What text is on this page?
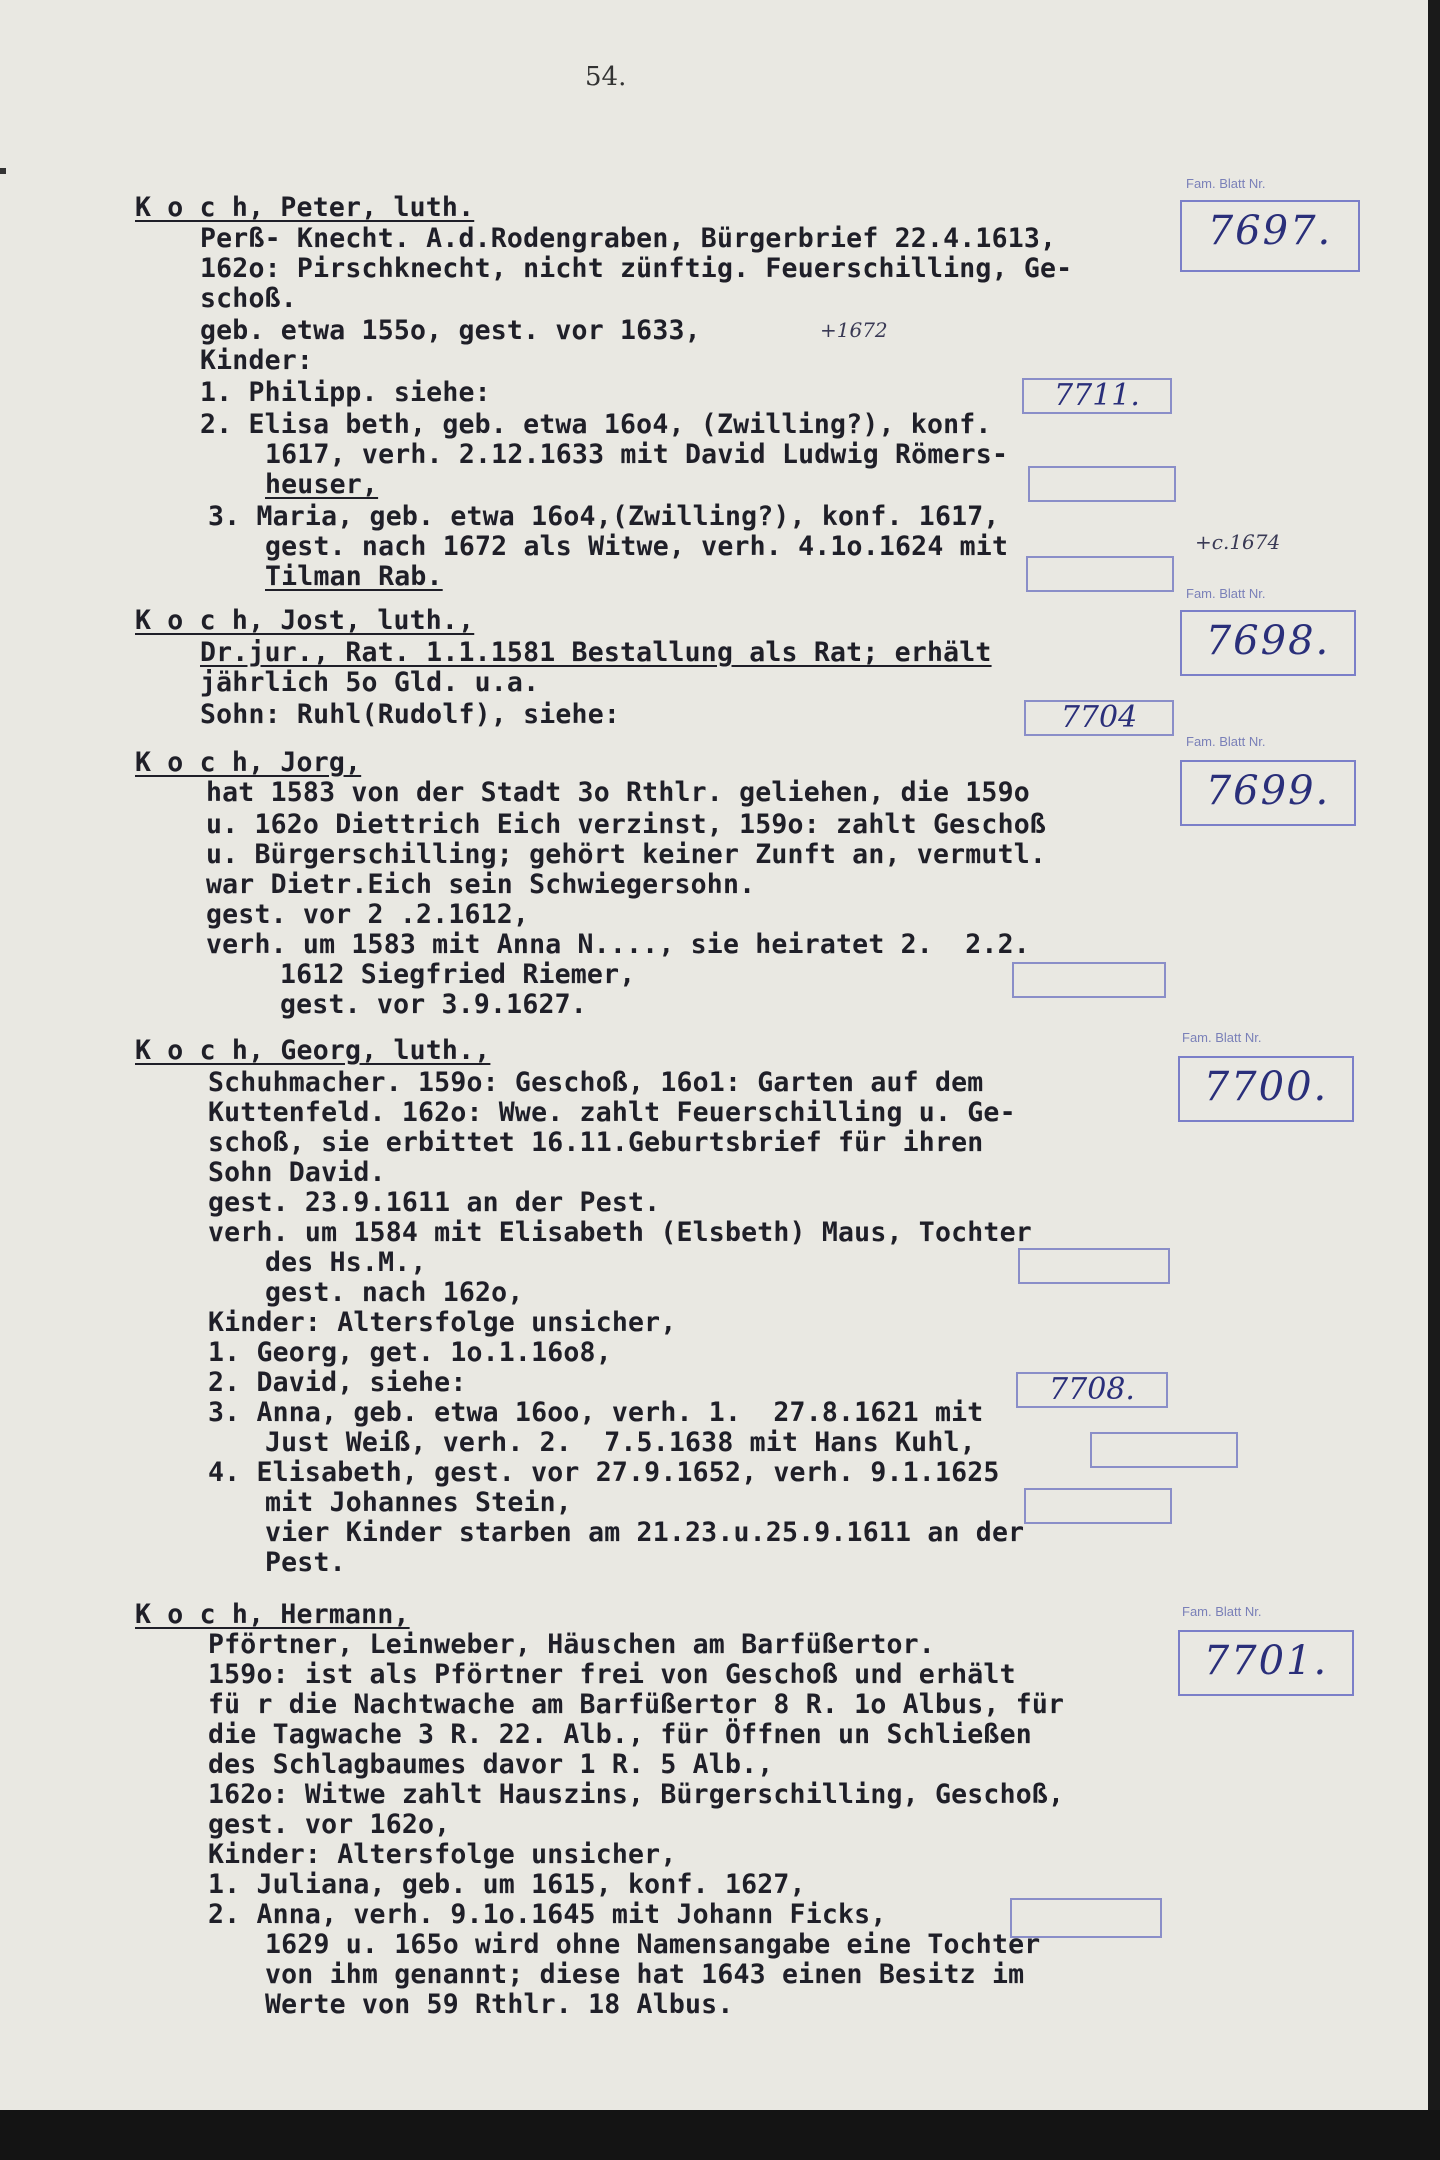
54.
K o c h, Peter, luth.
Perß- Knecht. A.d.Rodengraben, Bürgerbrief 22.4.1613,
162o: Pirschknecht, nicht zünftig. Feuerschilling, Ge-
schoß.
geb. etwa 155o, gest. vor 1633,
Kinder:
1. Philipp. siehe:
2. Elisa beth, geb. etwa 16o4, (Zwilling?), konf.
1617, verh. 2.12.1633 mit David Ludwig Römers-
heuser,
3. Maria, geb. etwa 16o4,(Zwilling?), konf. 1617,
gest. nach 1672 als Witwe, verh. 4.1o.1624 mit
Tilman Rab.
+1672
+c.1674
Fam. Blatt Nr.
7697.
7711.
K o c h, Jost, luth.,
Dr.jur., Rat. 1.1.1581 Bestallung als Rat; erhält
jährlich 5o Gld. u.a.
Sohn: Ruhl(Rudolf), siehe:
Fam. Blatt Nr.
7698.
7704
K o c h, Jorg,
hat 1583 von der Stadt 3o Rthlr. geliehen, die 159o
u. 162o Diettrich Eich verzinst, 159o: zahlt Geschoß
u. Bürgerschilling; gehört keiner Zunft an, vermutl.
war Dietr.Eich sein Schwiegersohn.
gest. vor 2 .2.1612,
verh. um 1583 mit Anna N...., sie heiratet 2.  2.2.
1612 Siegfried Riemer,
gest. vor 3.9.1627.
Fam. Blatt Nr.
7699.
K o c h, Georg, luth.,
Schuhmacher. 159o: Geschoß, 16o1: Garten auf dem
Kuttenfeld. 162o: Wwe. zahlt Feuerschilling u. Ge-
schoß, sie erbittet 16.11.Geburtsbrief für ihren
Sohn David.
gest. 23.9.1611 an der Pest.
verh. um 1584 mit Elisabeth (Elsbeth) Maus, Tochter
des Hs.M.,
gest. nach 162o,
Kinder: Altersfolge unsicher,
1. Georg, get. 1o.1.16o8,
2. David, siehe:
3. Anna, geb. etwa 16oo, verh. 1.  27.8.1621 mit
Just Weiß, verh. 2.  7.5.1638 mit Hans Kuhl,
4. Elisabeth, gest. vor 27.9.1652, verh. 9.1.1625
mit Johannes Stein,
vier Kinder starben am 21.23.u.25.9.1611 an der
Pest.
Fam. Blatt Nr.
7700.
7708.
K o c h, Hermann,
Pförtner, Leinweber, Häuschen am Barfüßertor.
159o: ist als Pförtner frei von Geschoß und erhält
fü r die Nachtwache am Barfüßertor 8 R. 1o Albus, für
die Tagwache 3 R. 22. Alb., für Öffnen un Schließen
des Schlagbaumes davor 1 R. 5 Alb.,
162o: Witwe zahlt Hauszins, Bürgerschilling, Geschoß,
gest. vor 162o,
Kinder: Altersfolge unsicher,
1. Juliana, geb. um 1615, konf. 1627,
2. Anna, verh. 9.1o.1645 mit Johann Ficks,
1629 u. 165o wird ohne Namensangabe eine Tochter
von ihm genannt; diese hat 1643 einen Besitz im
Werte von 59 Rthlr. 18 Albus.
Fam. Blatt Nr.
7701.
